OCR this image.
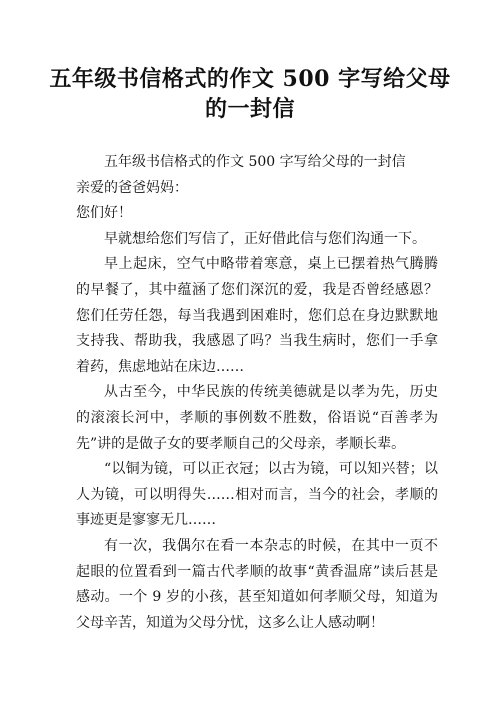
五年级书信格式的作文 500 字写给父母
的一封信

五年级书信格式的作文 500 字写给父母的一封信

亲爱的爸爸妈妈：

您们好！

早就想给您们写信了，正好借此信与您们沟通一下。

早上起床，空气中略带着寒意，桌上已摆着热气腾腾的早餐了，其中蕴涵了您们深沉的爱，我是否曾经感恩？您们任劳任怨，每当我遇到困难时，您们总在身边默默地支持我、帮助我，我感恩了吗？当我生病时，您们一手拿着药，焦虑地站在床边……

从古至今，中华民族的传统美德就是以孝为先，历史的滚滚长河中，孝顺的事例数不胜数，俗语说“百善孝为先”讲的是做子女的要孝顺自己的父母亲，孝顺长辈。

“以铜为镜，可以正衣冠；以古为镜，可以知兴替；以人为镜，可以明得失……相对而言，当今的社会，孝顺的事迹更是寥寥无几……

有一次，我偶尔在看一本杂志的时候，在其中一页不起眼的位置看到一篇古代孝顺的故事“黄香温席”读后甚是感动。一个 9 岁的小孩，甚至知道如何孝顺父母，知道为父母辛苦，知道为父母分忧，这多么让人感动啊！
